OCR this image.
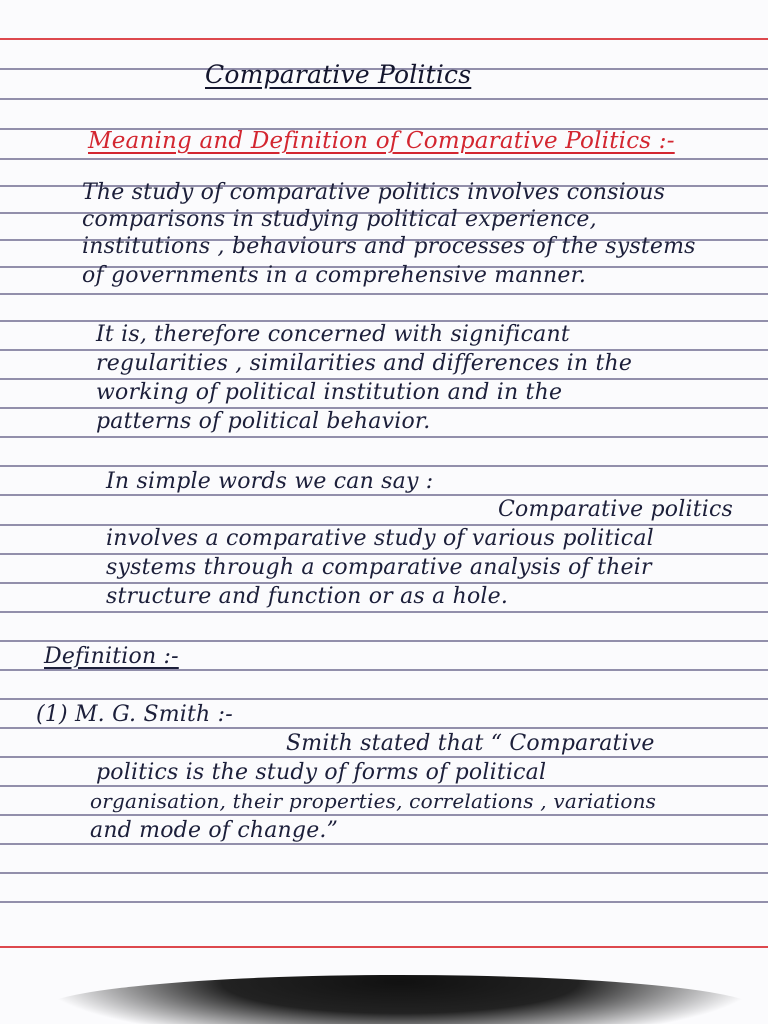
Comparative Politics
Meaning and Definition of Comparative Politics :-
The study of comparative politics involves consious
comparisons in studying political experience,
institutions , behaviours and processes of the systems
of governments in a comprehensive manner.
It is, therefore concerned with significant
regularities , similarities and differences in the
working of political institution and in the
patterns of political behavior.
In simple words we can say :
Comparative politics
involves a comparative study of various political
systems through a comparative analysis of their
structure and function or as a hole.
Definition :-
(1) M. G. Smith :-
Smith stated that “ Comparative
politics is the study of forms of political
organisation, their properties, correlations , variations
and mode of change.”
